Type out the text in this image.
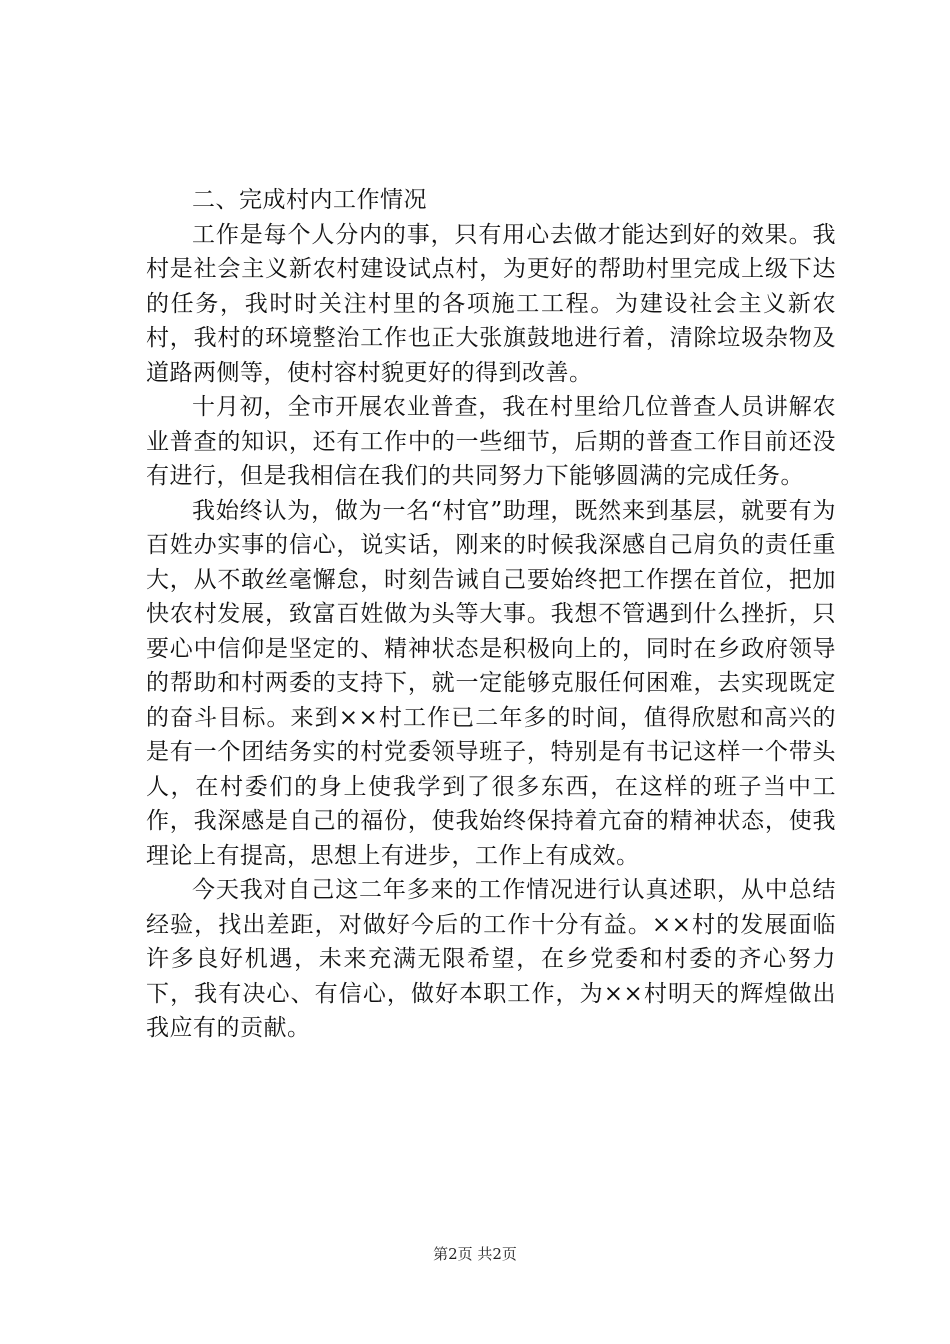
二、完成村内工作情况

工作是每个人分内的事，只有用心去做才能达到好的效果。我村是社会主义新农村建设试点村，为更好的帮助村里完成上级下达的任务，我时时关注村里的各项施工工程。为建设社会主义新农村，我村的环境整治工作也正大张旗鼓地进行着，清除垃圾杂物及道路两侧等，使村容村貌更好的得到改善。

十月初，全市开展农业普查，我在村里给几位普查人员讲解农业普查的知识，还有工作中的一些细节，后期的普查工作目前还没有进行，但是我相信在我们的共同努力下能够圆满的完成任务。

我始终认为，做为一名“村官”助理，既然来到基层，就要有为百姓办实事的信心，说实话，刚来的时候我深感自己肩负的责任重大，从不敢丝毫懈怠，时刻告诫自己要始终把工作摆在首位，把加快农村发展，致富百姓做为头等大事。我想不管遇到什么挫折，只要心中信仰是坚定的、精神状态是积极向上的，同时在乡政府领导的帮助和村两委的支持下，就一定能够克服任何困难，去实现既定的奋斗目标。来到××村工作已二年多的时间，值得欣慰和高兴的是有一个团结务实的村党委领导班子，特别是有书记这样一个带头人，在村委们的身上使我学到了很多东西，在这样的班子当中工作，我深感是自己的福份，使我始终保持着亢奋的精神状态，使我理论上有提高，思想上有进步，工作上有成效。

今天我对自己这二年多来的工作情况进行认真述职，从中总结经验，找出差距，对做好今后的工作十分有益。××村的发展面临许多良好机遇，未来充满无限希望，在乡党委和村委的齐心努力下，我有决心、有信心，做好本职工作，为××村明天的辉煌做出我应有的贡献。

第2页 共2页
